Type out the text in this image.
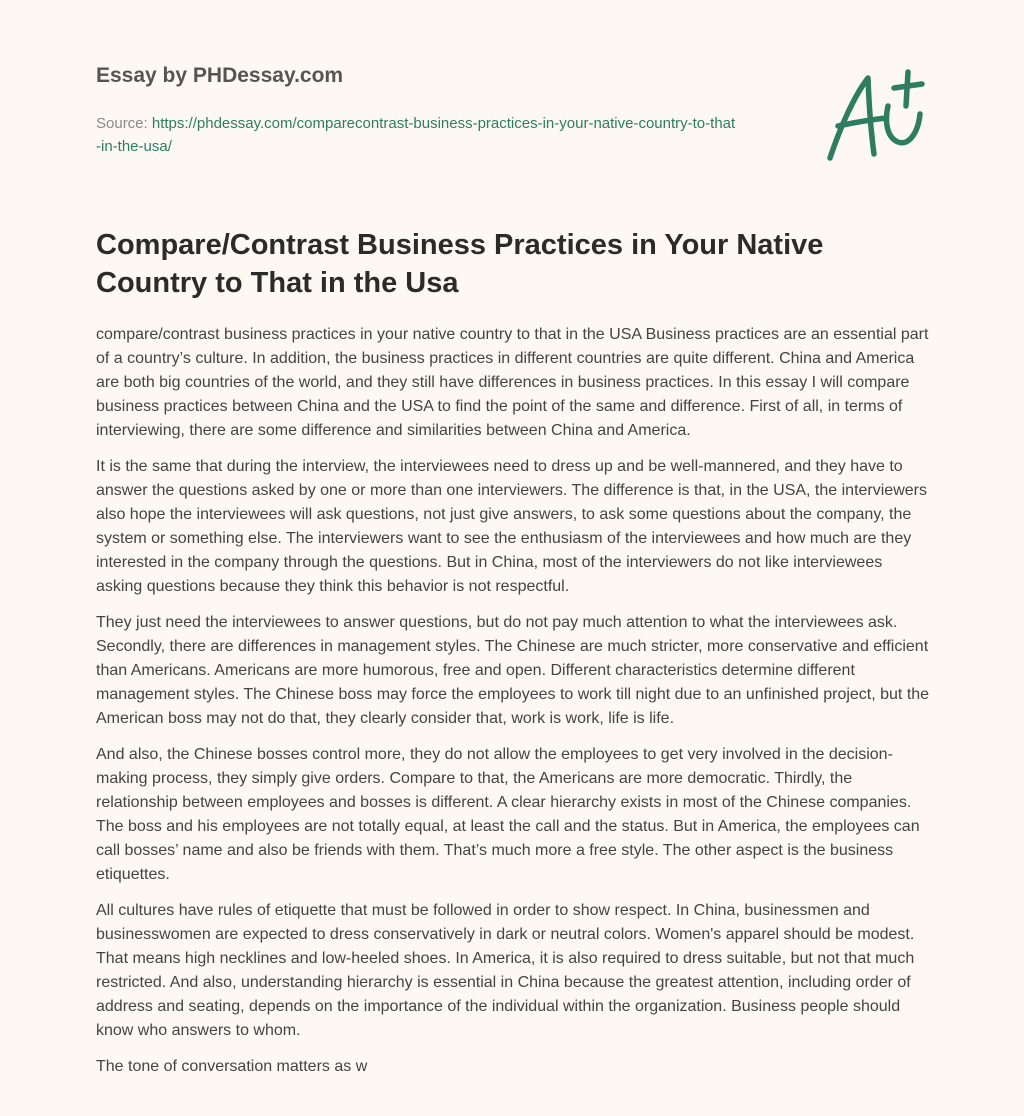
Essay by PHDessay.com
Source: https://phdessay.com/comparecontrast-business-practices-in-your-native-country-to-that-in-the-usa/
Compare/Contrast Business Practices in Your Native Country to That in the Usa

compare/contrast business practices in your native country to that in the USA Business practices are an essential part of a country’s culture. In addition, the business practices in different countries are quite different. China and America are both big countries of the world, and they still have differences in business practices. In this essay I will compare business practices between China and the USA to find the point of the same and difference. First of all, in terms of interviewing, there are some difference and similarities between China and America.

It is the same that during the interview, the interviewees need to dress up and be well-mannered, and they have to answer the questions asked by one or more than one interviewers. The difference is that, in the USA, the interviewers also hope the interviewees will ask questions, not just give answers, to ask some questions about the company, the system or something else. The interviewers want to see the enthusiasm of the interviewees and how much are they interested in the company through the questions. But in China, most of the interviewers do not like interviewees asking questions because they think this behavior is not respectful.

They just need the interviewees to answer questions, but do not pay much attention to what the interviewees ask. Secondly, there are differences in management styles. The Chinese are much stricter, more conservative and efficient than Americans. Americans are more humorous, free and open. Different characteristics determine different management styles. The Chinese boss may force the employees to work till night due to an unfinished project, but the American boss may not do that, they clearly consider that, work is work, life is life.

And also, the Chinese bosses control more, they do not allow the employees to get very involved in the decision-making process, they simply give orders. Compare to that, the Americans are more democratic. Thirdly, the relationship between employees and bosses is different. A clear hierarchy exists in most of the Chinese companies. The boss and his employees are not totally equal, at least the call and the status. But in America, the employees can call bosses’ name and also be friends with them. That’s much more a free style. The other aspect is the business etiquettes.

All cultures have rules of etiquette that must be followed in order to show respect. In China, businessmen and businesswomen are expected to dress conservatively in dark or neutral colors. Women's apparel should be modest. That means high necklines and low-heeled shoes. In America, it is also required to dress suitable, but not that much restricted. And also, understanding hierarchy is essential in China because the greatest attention, including order of address and seating, depends on the importance of the individual within the organization. Business people should know who answers to whom.

The tone of conversation matters as w
